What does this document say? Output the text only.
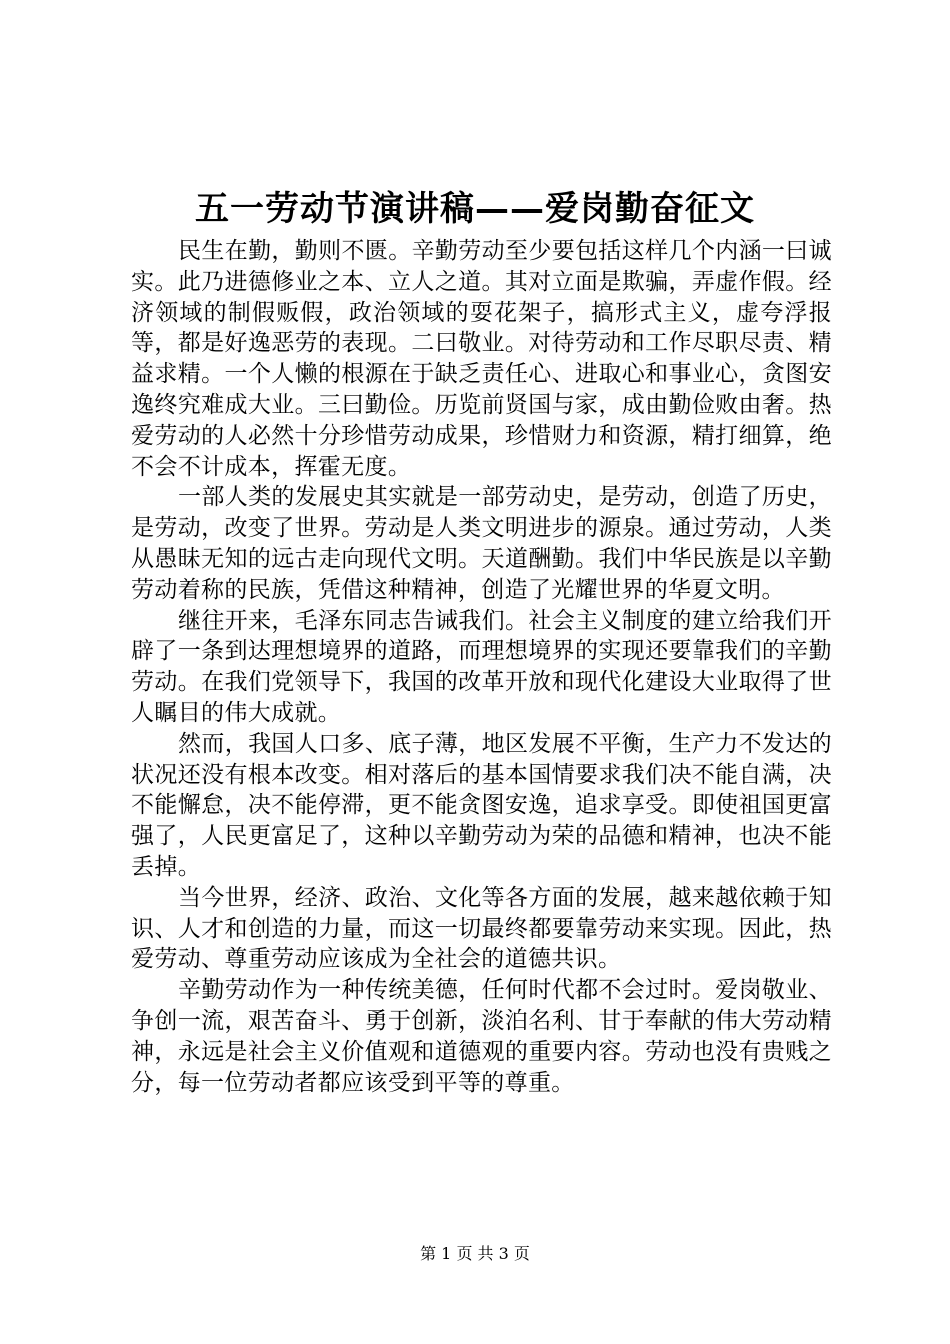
五一劳动节演讲稿——爱岗勤奋征文

民生在勤，勤则不匮。辛勤劳动至少要包括这样几个内涵一曰诚实。此乃进德修业之本、立人之道。其对立面是欺骗，弄虚作假。经济领域的制假贩假，政治领域的耍花架子，搞形式主义，虚夸浮报等，都是好逸恶劳的表现。二曰敬业。对待劳动和工作尽职尽责、精益求精。一个人懒的根源在于缺乏责任心、进取心和事业心，贪图安逸终究难成大业。三曰勤俭。历览前贤国与家，成由勤俭败由奢。热爱劳动的人必然十分珍惜劳动成果，珍惜财力和资源，精打细算，绝不会不计成本，挥霍无度。

一部人类的发展史其实就是一部劳动史，是劳动，创造了历史，是劳动，改变了世界。劳动是人类文明进步的源泉。通过劳动，人类从愚昧无知的远古走向现代文明。天道酬勤。我们中华民族是以辛勤劳动着称的民族，凭借这种精神，创造了光耀世界的华夏文明。

继往开来，毛泽东同志告诫我们。社会主义制度的建立给我们开辟了一条到达理想境界的道路，而理想境界的实现还要靠我们的辛勤劳动。在我们党领导下，我国的改革开放和现代化建设大业取得了世人瞩目的伟大成就。

然而，我国人口多、底子薄，地区发展不平衡，生产力不发达的状况还没有根本改变。相对落后的基本国情要求我们决不能自满，决不能懈怠，决不能停滞，更不能贪图安逸，追求享受。即使祖国更富强了，人民更富足了，这种以辛勤劳动为荣的品德和精神，也决不能丢掉。

当今世界，经济、政治、文化等各方面的发展，越来越依赖于知识、人才和创造的力量，而这一切最终都要靠劳动来实现。因此，热爱劳动、尊重劳动应该成为全社会的道德共识。

辛勤劳动作为一种传统美德，任何时代都不会过时。爱岗敬业、争创一流，艰苦奋斗、勇于创新，淡泊名利、甘于奉献的伟大劳动精神，永远是社会主义价值观和道德观的重要内容。劳动也没有贵贱之分，每一位劳动者都应该受到平等的尊重。

第 1 页 共 3 页
